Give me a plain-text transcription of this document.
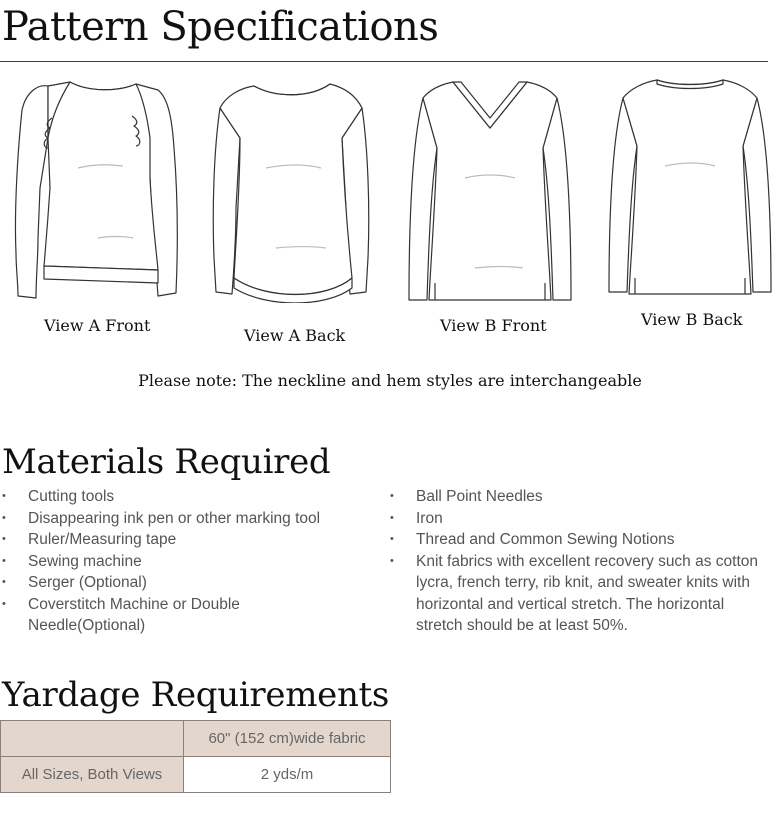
Pattern Specifications
View A Front
View A Back
View B Front	View B Back
Please note: The neckline and hem styles are interchangeable
Materials Required
• Cutting tools
• Disappearing ink pen or other marking tool
• Ruler/Measuring tape
• Sewing machine
• Serger (Optional)
• Coverstitch Machine or Double Needle(Optional)
• Ball Point Needles
• Iron
• Thread and Common Sewing Notions
• Knit fabrics with excellent recovery such as cotton lycra, french terry, rib knit, and sweater knits with horizontal and vertical stretch. The horizontal stretch should be at least 50%.
Yardage Requirements
	60" (152 cm)wide fabric
All Sizes, Both Views	2 yds/m
